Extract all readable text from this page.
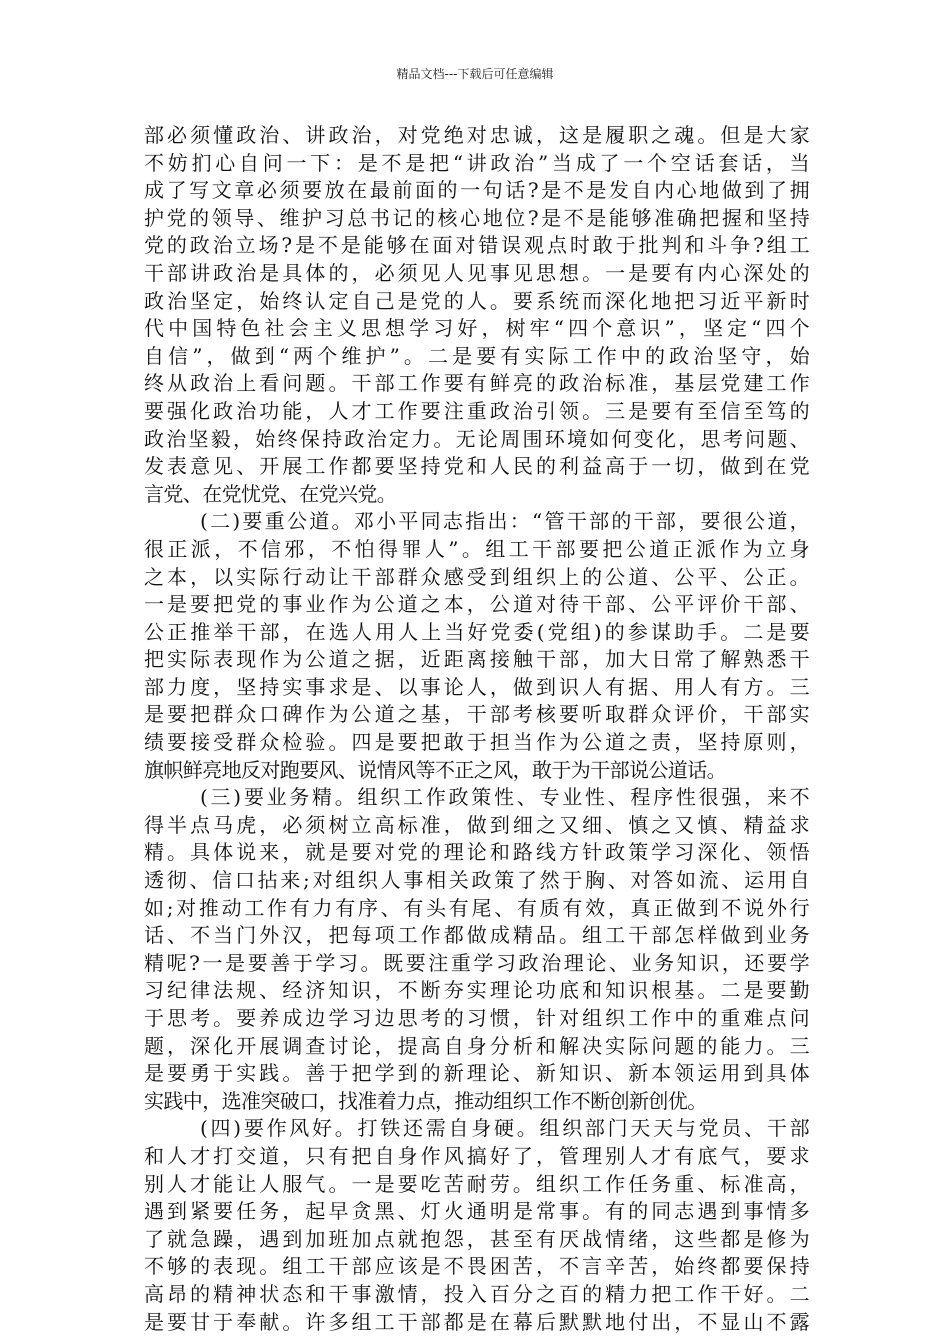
精品文档---下载后可任意编辑
部必须懂政治、讲政治，对党绝对忠诚，这是履职之魂。但是大家
不妨扪心自问一下：是不是把“讲政治”当成了一个空话套话，当
成了写文章必须要放在最前面的一句话?是不是发自内心地做到了拥
护党的领导、维护习总书记的核心地位?是不是能够准确把握和坚持
党的政治立场?是不是能够在面对错误观点时敢于批判和斗争?组工
干部讲政治是具体的，必须见人见事见思想。一是要有内心深处的
政治坚定，始终认定自己是党的人。要系统而深化地把习近平新时
代中国特色社会主义思想学习好，树牢“四个意识”，坚定“四个
自信”，做到“两个维护”。二是要有实际工作中的政治坚守，始
终从政治上看问题。干部工作要有鲜亮的政治标准，基层党建工作
要强化政治功能，人才工作要注重政治引领。三是要有至信至笃的
政治坚毅，始终保持政治定力。无论周围环境如何变化，思考问题、
发表意见、开展工作都要坚持党和人民的利益高于一切，做到在党
言党、在党忧党、在党兴党。
(二)要重公道。邓小平同志指出：“管干部的干部，要很公道，
很正派，不信邪，不怕得罪人”。组工干部要把公道正派作为立身
之本，以实际行动让干部群众感受到组织上的公道、公平、公正。
一是要把党的事业作为公道之本，公道对待干部、公平评价干部、
公正推举干部，在选人用人上当好党委(党组)的参谋助手。二是要
把实际表现作为公道之据，近距离接触干部，加大日常了解熟悉干
部力度，坚持实事求是、以事论人，做到识人有据、用人有方。三
是要把群众口碑作为公道之基，干部考核要听取群众评价，干部实
绩要接受群众检验。四是要把敢于担当作为公道之责，坚持原则，
旗帜鲜亮地反对跑要风、说情风等不正之风，敢于为干部说公道话。
(三)要业务精。组织工作政策性、专业性、程序性很强，来不
得半点马虎，必须树立高标准，做到细之又细、慎之又慎、精益求
精。具体说来，就是要对党的理论和路线方针政策学习深化、领悟
透彻、信口拈来;对组织人事相关政策了然于胸、对答如流、运用自
如;对推动工作有力有序、有头有尾、有质有效，真正做到不说外行
话、不当门外汉，把每项工作都做成精品。组工干部怎样做到业务
精呢?一是要善于学习。既要注重学习政治理论、业务知识，还要学
习纪律法规、经济知识，不断夯实理论功底和知识根基。二是要勤
于思考。要养成边学习边思考的习惯，针对组织工作中的重难点问
题，深化开展调查讨论，提高自身分析和解决实际问题的能力。三
是要勇于实践。善于把学到的新理论、新知识、新本领运用到具体
实践中，选准突破口，找准着力点，推动组织工作不断创新创优。
(四)要作风好。打铁还需自身硬。组织部门天天与党员、干部
和人才打交道，只有把自身作风搞好了，管理别人才有底气，要求
别人才能让人服气。一是要吃苦耐劳。组织工作任务重、标准高，
遇到紧要任务，起早贪黑、灯火通明是常事。有的同志遇到事情多
了就急躁，遇到加班加点就抱怨，甚至有厌战情绪，这些都是修为
不够的表现。组工干部应该是不畏困苦，不言辛苦，始终都要保持
高昂的精神状态和干事激情，投入百分之百的精力把工作干好。二
是要甘于奉献。许多组工干部都是在幕后默默地付出，不显山不露
